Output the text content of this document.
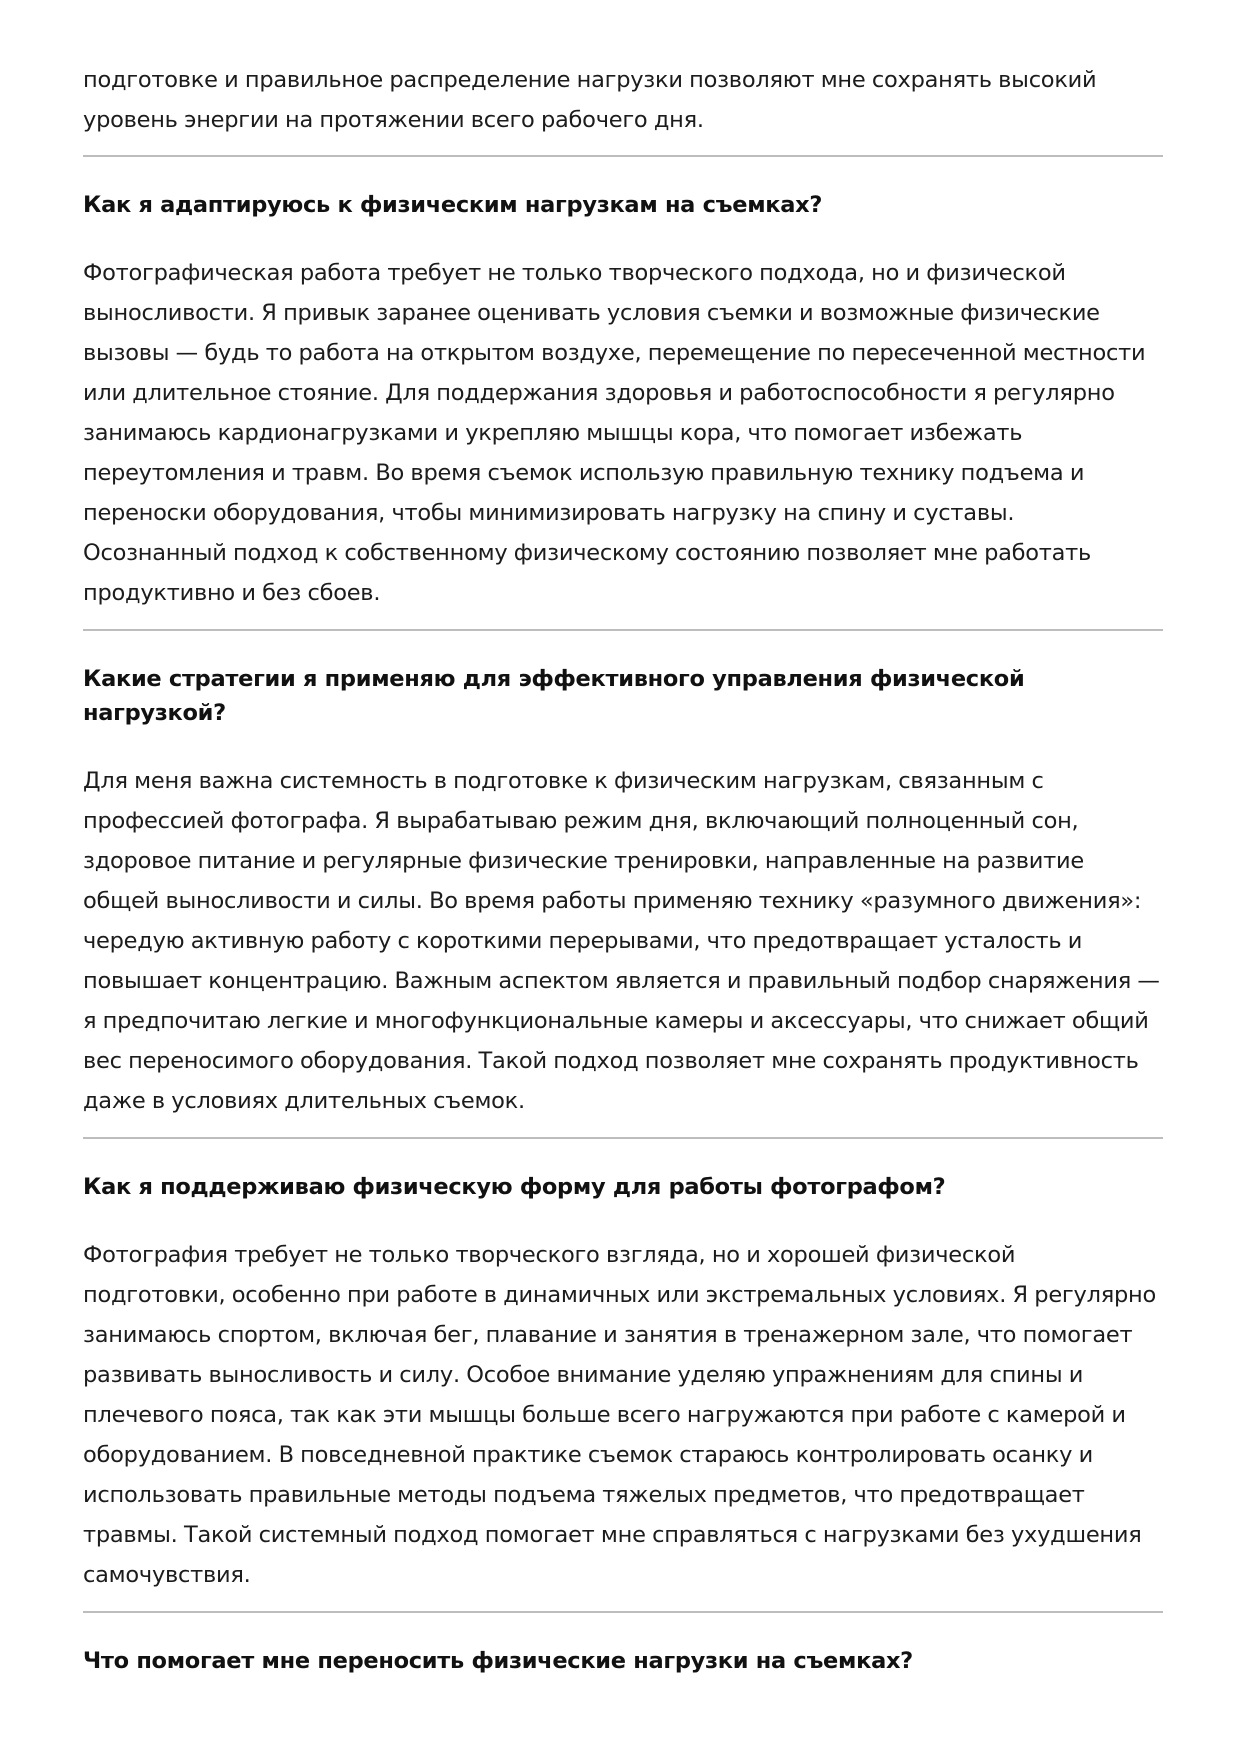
подготовке и правильное распределение нагрузки позволяют мне сохранять высокий уровень энергии на протяжении всего рабочего дня.

Как я адаптируюсь к физическим нагрузкам на съемках?

Фотографическая работа требует не только творческого подхода, но и физической выносливости. Я привык заранее оценивать условия съемки и возможные физические вызовы — будь то работа на открытом воздухе, перемещение по пересеченной местности или длительное стояние. Для поддержания здоровья и работоспособности я регулярно занимаюсь кардионагрузками и укрепляю мышцы кора, что помогает избежать переутомления и травм. Во время съемок использую правильную технику подъема и переноски оборудования, чтобы минимизировать нагрузку на спину и суставы. Осознанный подход к собственному физическому состоянию позволяет мне работать продуктивно и без сбоев.

Какие стратегии я применяю для эффективного управления физической нагрузкой?

Для меня важна системность в подготовке к физическим нагрузкам, связанным с профессией фотографа. Я вырабатываю режим дня, включающий полноценный сон, здоровое питание и регулярные физические тренировки, направленные на развитие общей выносливости и силы. Во время работы применяю технику «разумного движения»: чередую активную работу с короткими перерывами, что предотвращает усталость и повышает концентрацию. Важным аспектом является и правильный подбор снаряжения — я предпочитаю легкие и многофункциональные камеры и аксессуары, что снижает общий вес переносимого оборудования. Такой подход позволяет мне сохранять продуктивность даже в условиях длительных съемок.

Как я поддерживаю физическую форму для работы фотографом?

Фотография требует не только творческого взгляда, но и хорошей физической подготовки, особенно при работе в динамичных или экстремальных условиях. Я регулярно занимаюсь спортом, включая бег, плавание и занятия в тренажерном зале, что помогает развивать выносливость и силу. Особое внимание уделяю упражнениям для спины и плечевого пояса, так как эти мышцы больше всего нагружаются при работе с камерой и оборудованием. В повседневной практике съемок стараюсь контролировать осанку и использовать правильные методы подъема тяжелых предметов, что предотвращает травмы. Такой системный подход помогает мне справляться с нагрузками без ухудшения самочувствия.

Что помогает мне переносить физические нагрузки на съемках?
